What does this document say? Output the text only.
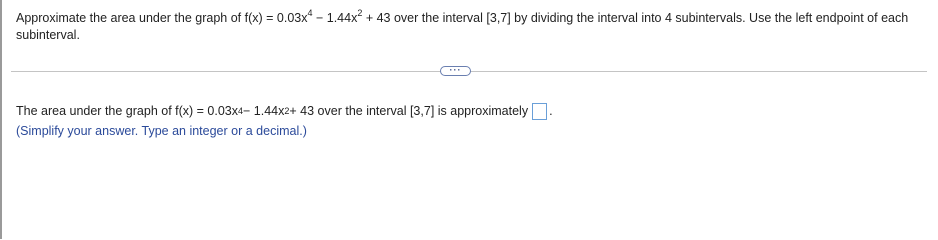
Approximate the area under the graph of $f(x) = 0.03x^4 - 1.44x^2 + 43$ over the interval [3,7] by dividing the interval into 4 subintervals. Use the left endpoint of each subinterval.
···
The area under the graph of $f(x) = 0.03x^4 - 1.44x^2 + 43$ over the interval [3,7] is approximately .
(Simplify your answer. Type an integer or a decimal.)
